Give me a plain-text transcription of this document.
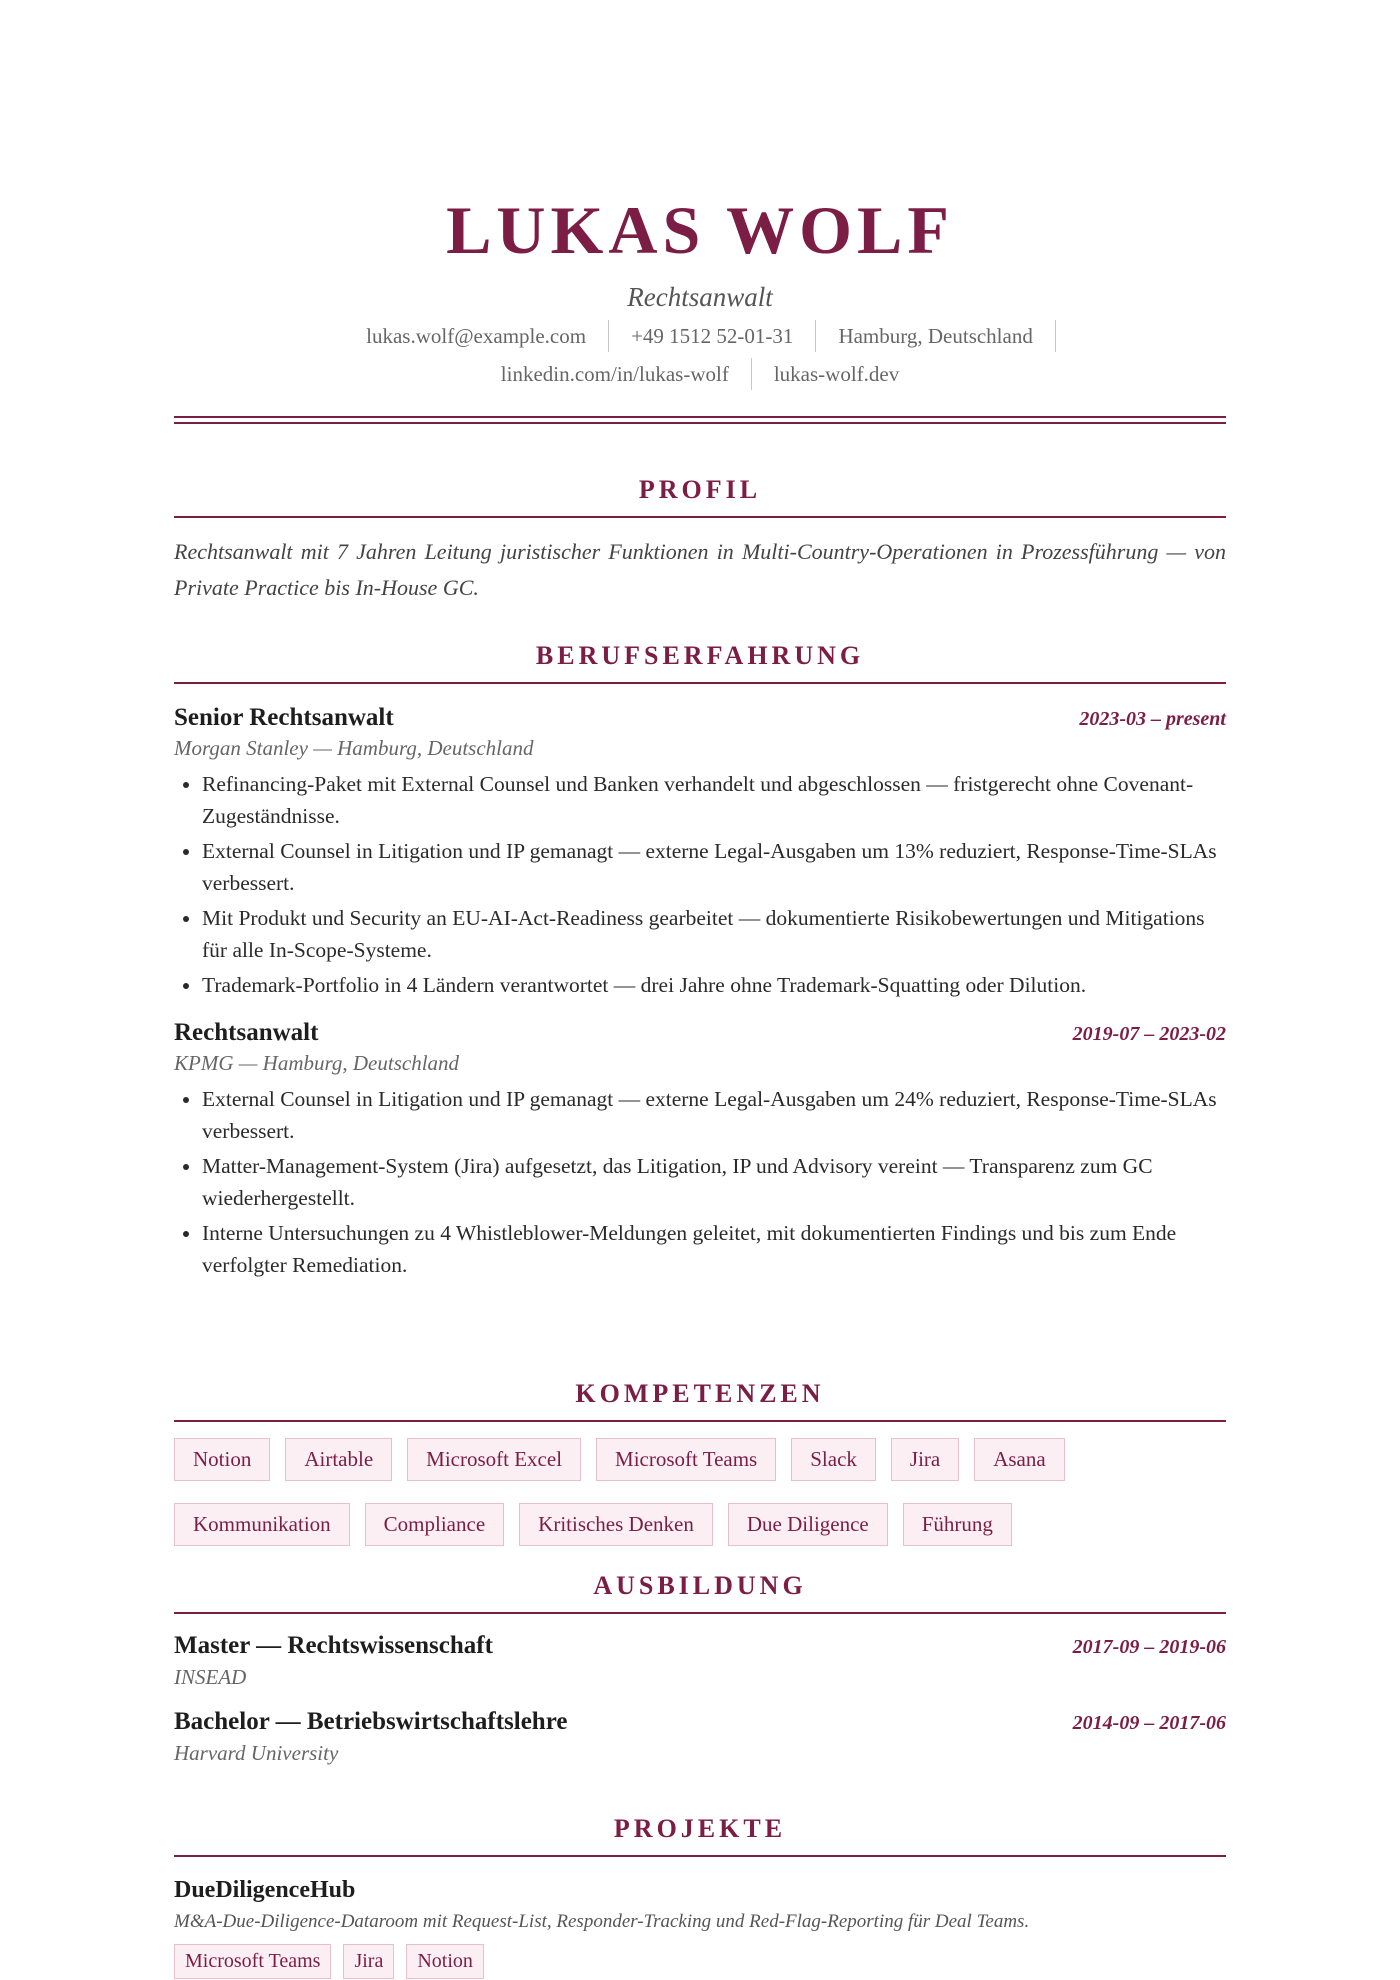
LUKAS WOLF
Rechtsanwalt
lukas.wolf@example.com +49 1512 52-01-31 Hamburg, Deutschland
linkedin.com/in/lukas-wolf lukas-wolf.dev
PROFIL
Rechtsanwalt mit 7 Jahren Leitung juristischer Funktionen in Multi-Country-Operationen in Prozessführung — von Private Practice bis In-House GC.
BERUFSERFAHRUNG
Senior Rechtsanwalt	2023-03 – present
Morgan Stanley — Hamburg, Deutschland
• Refinancing-Paket mit External Counsel und Banken verhandelt und abgeschlossen — fristgerecht ohne Covenant-Zugeständnisse.
• External Counsel in Litigation und IP gemanagt — externe Legal-Ausgaben um 13% reduziert, Response-Time-SLAs verbessert.
• Mit Produkt und Security an EU-AI-Act-Readiness gearbeitet — dokumentierte Risikobewertungen und Mitigations für alle In-Scope-Systeme.
• Trademark-Portfolio in 4 Ländern verantwortet — drei Jahre ohne Trademark-Squatting oder Dilution.
Rechtsanwalt	2019-07 – 2023-02
KPMG — Hamburg, Deutschland
• External Counsel in Litigation und IP gemanagt — externe Legal-Ausgaben um 24% reduziert, Response-Time-SLAs verbessert.
• Matter-Management-System (Jira) aufgesetzt, das Litigation, IP und Advisory vereint — Transparenz zum GC wiederhergestellt.
• Interne Untersuchungen zu 4 Whistleblower-Meldungen geleitet, mit dokumentierten Findings und bis zum Ende verfolgter Remediation.
KOMPETENZEN
Notion	Airtable	Microsoft Excel	Microsoft Teams	Slack	Jira	Asana
Kommunikation	Compliance	Kritisches Denken	Due Diligence	Führung
AUSBILDUNG
Master — Rechtswissenschaft	2017-09 – 2019-06
INSEAD
Bachelor — Betriebswirtschaftslehre	2014-09 – 2017-06
Harvard University
PROJEKTE
DueDiligenceHub
M&A-Due-Diligence-Dataroom mit Request-List, Responder-Tracking und Red-Flag-Reporting für Deal Teams.
Microsoft Teams	Jira	Notion
